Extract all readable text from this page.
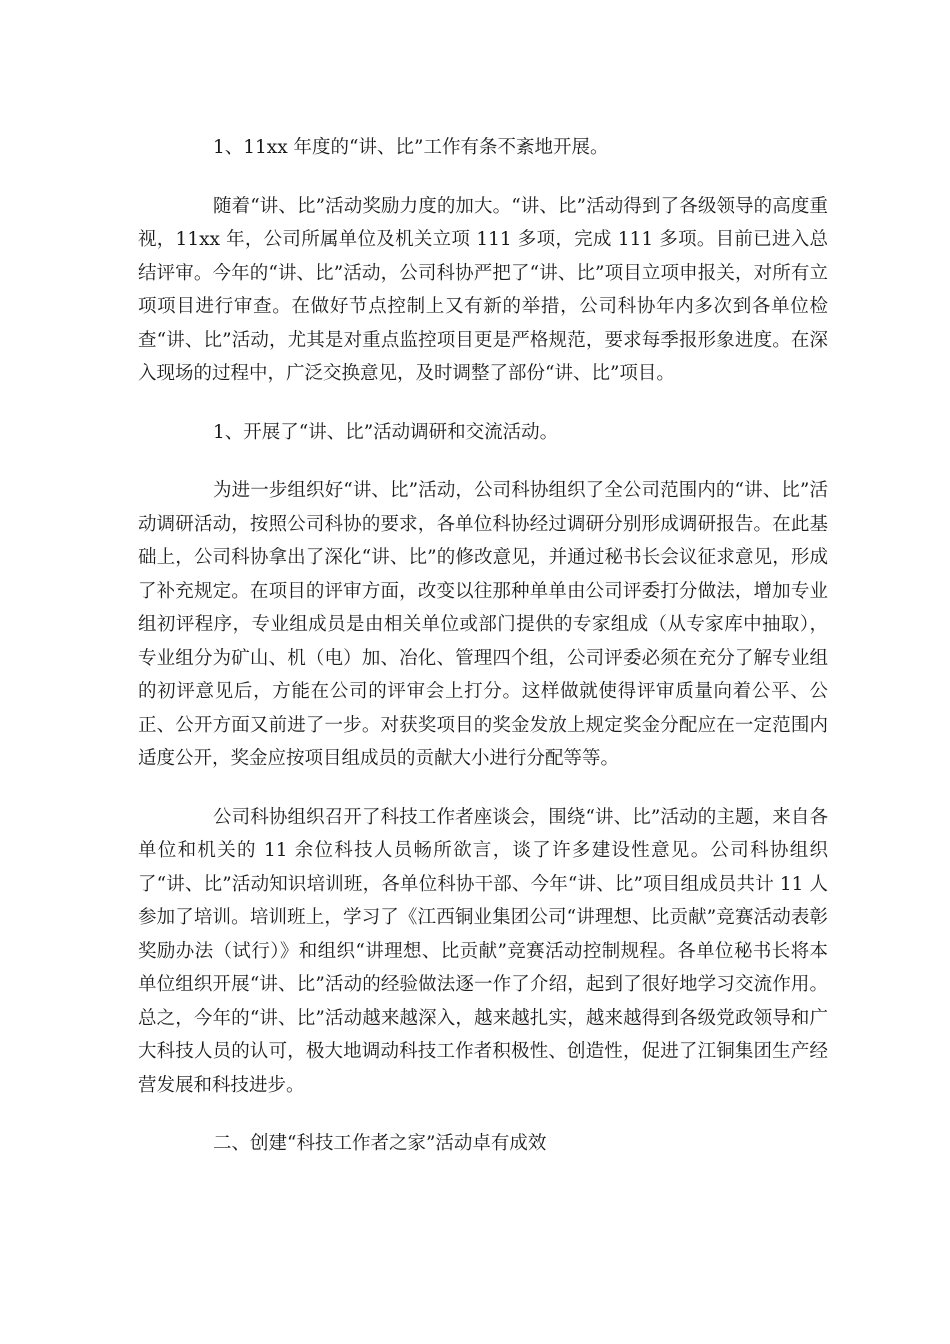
1、11xx 年度的“讲、比”工作有条不紊地开展。

随着“讲、比”活动奖励力度的加大。“讲、比”活动得到了各级领导的高度重视，11xx 年，公司所属单位及机关立项 111 多项，完成 111 多项。目前已进入总结评审。今年的“讲、比”活动，公司科协严把了“讲、比”项目立项申报关，对所有立项项目进行审查。在做好节点控制上又有新的举措，公司科协年内多次到各单位检查“讲、比”活动，尤其是对重点监控项目更是严格规范，要求每季报形象进度。在深入现场的过程中，广泛交换意见，及时调整了部份“讲、比”项目。

1、开展了“讲、比”活动调研和交流活动。

为进一步组织好“讲、比”活动，公司科协组织了全公司范围内的“讲、比”活动调研活动，按照公司科协的要求，各单位科协经过调研分别形成调研报告。在此基础上，公司科协拿出了深化“讲、比”的修改意见，并通过秘书长会议征求意见，形成了补充规定。在项目的评审方面，改变以往那种单单由公司评委打分做法，增加专业组初评程序，专业组成员是由相关单位或部门提供的专家组成（从专家库中抽取），专业组分为矿山、机（电）加、冶化、管理四个组，公司评委必须在充分了解专业组的初评意见后，方能在公司的评审会上打分。这样做就使得评审质量向着公平、公正、公开方面又前进了一步。对获奖项目的奖金发放上规定奖金分配应在一定范围内适度公开，奖金应按项目组成员的贡献大小进行分配等等。

公司科协组织召开了科技工作者座谈会，围绕“讲、比”活动的主题，来自各单位和机关的 11 余位科技人员畅所欲言，谈了许多建设性意见。公司科协组织了“讲、比”活动知识培训班，各单位科协干部、今年“讲、比”项目组成员共计 11 人参加了培训。培训班上，学习了《江西铜业集团公司“讲理想、比贡献”竞赛活动表彰奖励办法（试行）》和组织“讲理想、比贡献”竞赛活动控制规程。各单位秘书长将本单位组织开展“讲、比”活动的经验做法逐一作了介绍，起到了很好地学习交流作用。总之，今年的“讲、比”活动越来越深入，越来越扎实，越来越得到各级党政领导和广大科技人员的认可，极大地调动科技工作者积极性、创造性，促进了江铜集团生产经营发展和科技进步。

二、创建“科技工作者之家”活动卓有成效
